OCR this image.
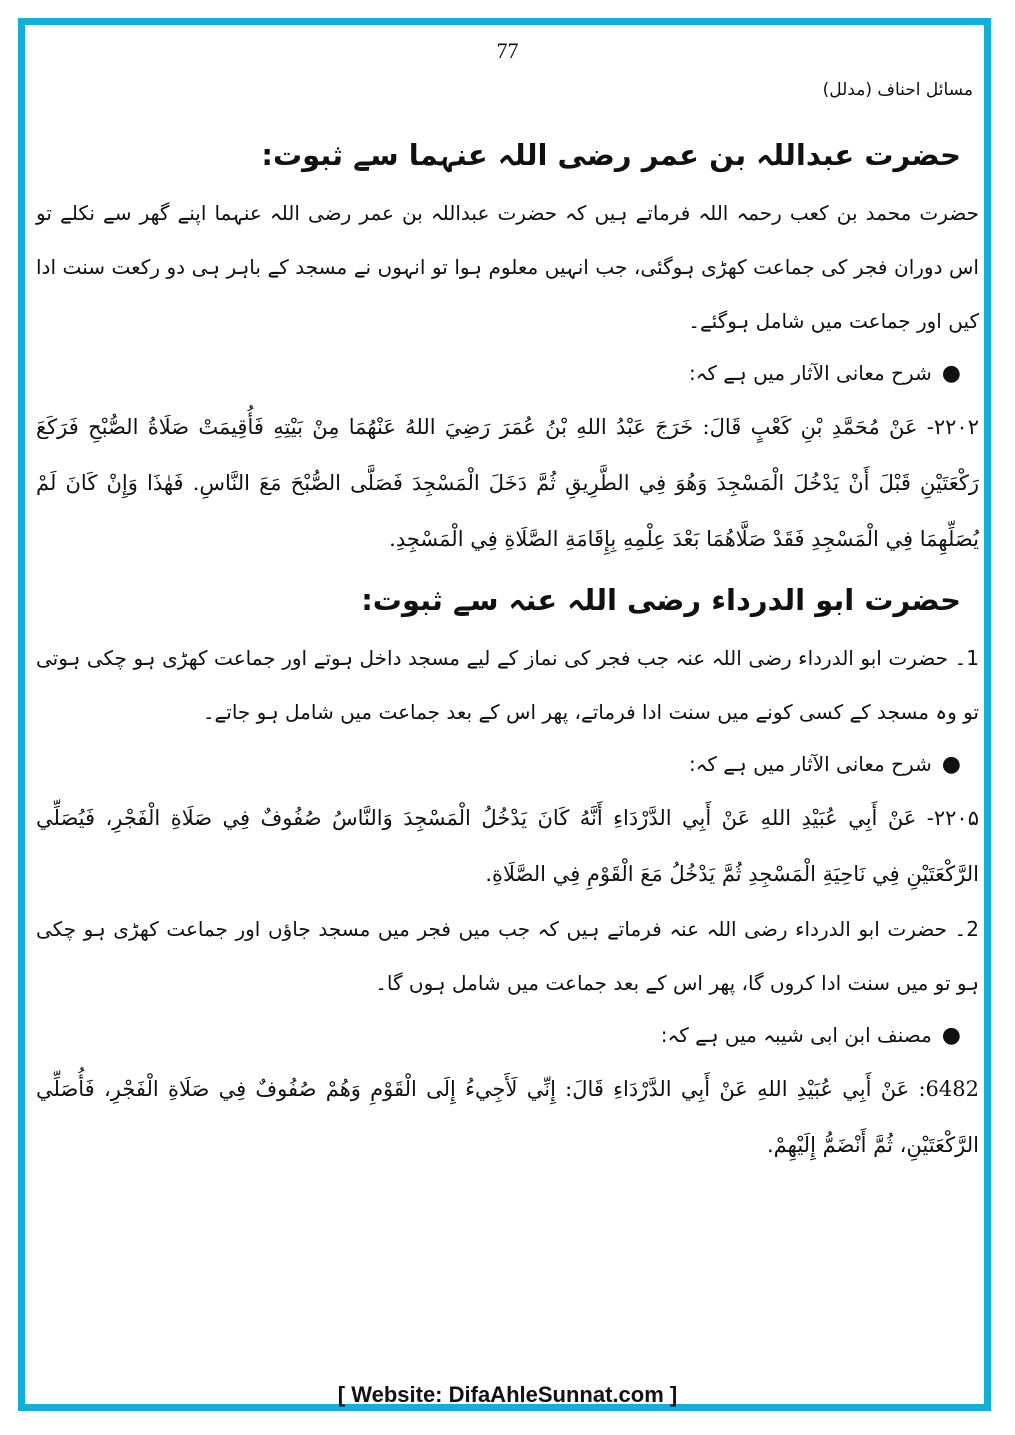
77
مسائل احناف (مدلل)
حضرت عبداللہ بن عمر رضی اللہ عنہما سے ثبوت:

حضرت محمد بن کعب رحمہ اللہ فرماتے ہیں کہ حضرت عبداللہ بن عمر رضی اللہ عنہما اپنے گھر سے نکلے تو اس دوران فجر کی جماعت کھڑی ہوگئی، جب انہیں معلوم ہوا تو انہوں نے مسجد کے باہر ہی دو رکعت سنت ادا کیں اور جماعت میں شامل ہوگئے۔

●شرح معانی الآثار میں ہے کہ:

۲۲۰۲- عَنْ مُحَمَّدِ بْنِ كَعْبٍ قَالَ: خَرَجَ عَبْدُ اللهِ بْنُ عُمَرَ رَضِيَ اللهُ عَنْهُمَا مِنْ بَيْتِهِ فَأُقِيمَتْ صَلَاةُ الصُّبْحِ فَرَكَعَ رَكْعَتَيْنِ قَبْلَ أَنْ يَدْخُلَ الْمَسْجِدَ وَهُوَ فِي الطَّرِيقِ ثُمَّ دَخَلَ الْمَسْجِدَ فَصَلَّى الصُّبْحَ مَعَ النَّاسِ. فَهٰذَا وَإِنْ كَانَ لَمْ يُصَلِّهِمَا فِي الْمَسْجِدِ فَقَدْ صَلَّاهُمَا بَعْدَ عِلْمِهِ بِإِقَامَةِ الصَّلَاةِ فِي الْمَسْجِدِ.

حضرت ابو الدرداء رضی اللہ عنہ سے ثبوت:

1۔ حضرت ابو الدرداء رضی اللہ عنہ جب فجر کی نماز کے لیے مسجد داخل ہوتے اور جماعت کھڑی ہو چکی ہوتی تو وہ مسجد کے کسی کونے میں سنت ادا فرماتے، پھر اس کے بعد جماعت میں شامل ہو جاتے۔

●شرح معانی الآثار میں ہے کہ:

۲۲۰۵- عَنْ أَبِي عُبَيْدِ اللهِ عَنْ أَبِي الدَّرْدَاءِ أَنَّهُ كَانَ يَدْخُلُ الْمَسْجِدَ وَالنَّاسُ صُفُوفٌ فِي صَلَاةِ الْفَجْرِ، فَيُصَلِّي الرَّكْعَتَيْنِ فِي نَاحِيَةِ الْمَسْجِدِ ثُمَّ يَدْخُلُ مَعَ الْقَوْمِ فِي الصَّلَاةِ.

2۔ حضرت ابو الدرداء رضی اللہ عنہ فرماتے ہیں کہ جب میں فجر میں مسجد جاؤں اور جماعت کھڑی ہو چکی ہو تو میں سنت ادا کروں گا، پھر اس کے بعد جماعت میں شامل ہوں گا۔

●مصنف ابن ابی شیبہ میں ہے کہ:

6482: عَنْ أَبِي عُبَيْدِ اللهِ عَنْ أَبِي الدَّرْدَاءِ قَالَ: إِنِّي لَأَجِيءُ إِلَى الْقَوْمِ وَهُمْ صُفُوفٌ فِي صَلَاةِ الْفَجْرِ، فَأُصَلِّي الرَّكْعَتَيْنِ، ثُمَّ أَنْضَمُّ إِلَيْهِمْ.

[ Website: DifaAhleSunnat.com ]
